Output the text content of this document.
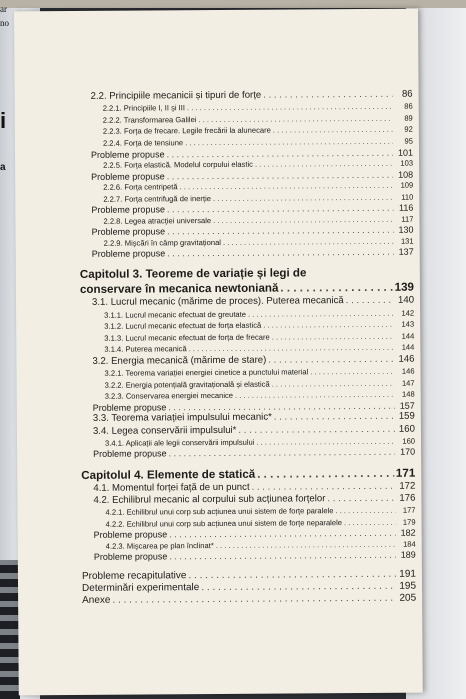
ar
no
i
a
2.2. Principiile mecanicii și tipuri de forțe . . .	86
2.2.1. Principiile I, II și III . . .	86
2.2.2. Transformarea Galilei . . .	89
2.2.3. Forța de frecare. Legile frecării la alunecare . . .	92
2.2.4. Forța de tensiune . . .	95
Probleme propuse . . .	101
2.2.5. Forța elastică. Modelul corpului elastic . . .	103
Probleme propuse . . .	108
2.2.6. Forța centripetă . . .	109
2.2.7. Forța centrifugă de inerție . . .	110
Probleme propuse . . .	116
2.2.8. Legea atracției universale . . .	117
Probleme propuse . . .	130
2.2.9. Mișcări în câmp gravitațional . . .	131
Probleme propuse . . .	137
Capitolul 3. Teoreme de variație și legi de
conservare în mecanica newtoniană . . .	139
3.1. Lucrul mecanic (mărime de proces). Puterea mecanică . . .	140
3.1.1. Lucrul mecanic efectuat de greutate . . .	142
3.1.2. Lucrul mecanic efectuat de forța elastică . . .	143
3.1.3. Lucrul mecanic efectuat de forța de frecare . . .	144
3.1.4. Puterea mecanică . . .	144
3.2. Energia mecanică (mărime de stare) . . .	146
3.2.1. Teorema variației energiei cinetice a punctului material . . .	146
3.2.2. Energia potențială gravitațională și elastică . . .	147
3.2.3. Conservarea energiei mecanice . . .	148
Probleme propuse . . .	157
3.3. Teorema variației impulsului mecanic* . . .	159
3.4. Legea conservării impulsului* . . .	160
3.4.1. Aplicații ale legii conservării impulsului . . .	160
Probleme propuse . . .	170
Capitolul 4. Elemente de statică . . .	171
4.1. Momentul forței față de un punct . . .	172
4.2. Echilibrul mecanic al corpului sub acțiunea forțelor . . .	176
4.2.1. Echilibrul unui corp sub acțiunea unui sistem de forțe paralele . . .	177
4.2.2. Echilibrul unui corp sub acțiunea unui sistem de forțe neparalele . . .	179
Probleme propuse . . .	182
4.2.3. Mișcarea pe plan înclinat* . . .	184
Probleme propuse . . .	189
Probleme recapitulative . . .	191
Determinări experimentale . . .	195
Anexe . . .	205
